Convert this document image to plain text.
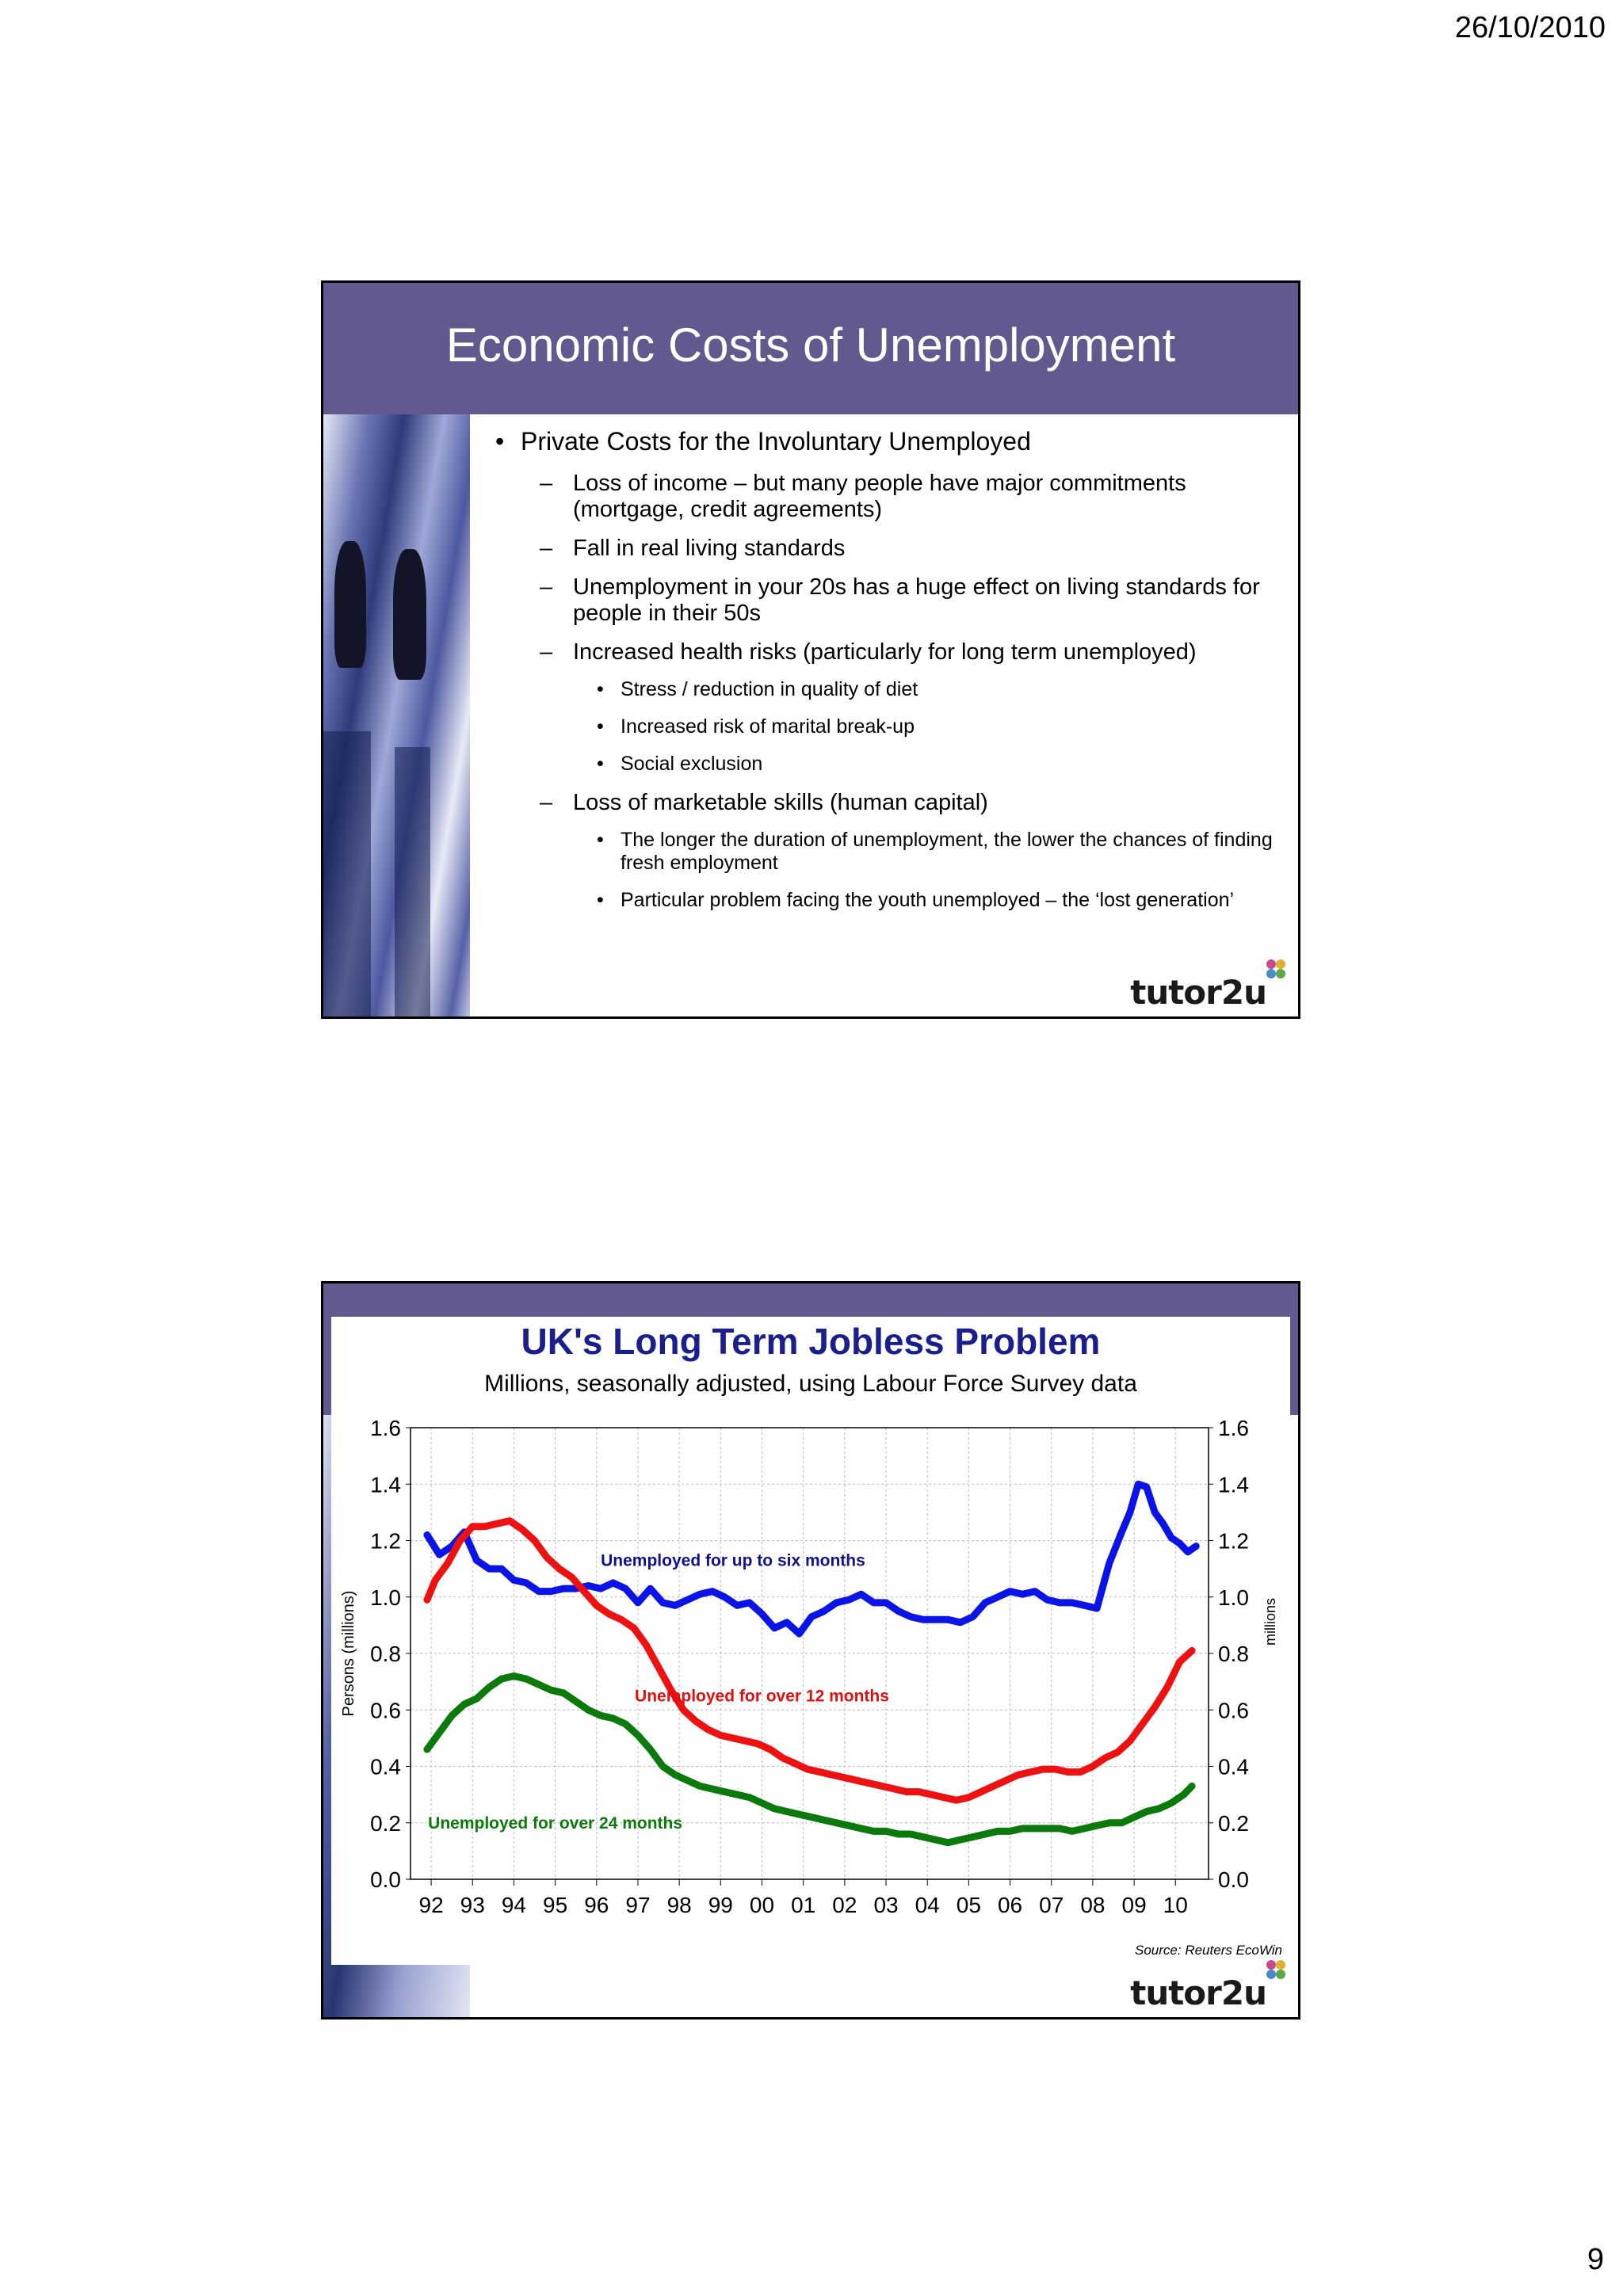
26/10/2010
Economic Costs of Unemployment
• Private Costs for the Involuntary Unemployed
– Loss of income – but many people have major commitments (mortgage, credit agreements)
– Fall in real living standards
– Unemployment in your 20s has a huge effect on living standards for people in their 50s
– Increased health risks (particularly for long term unemployed)
• Stress / reduction in quality of diet
• Increased risk of marital break-up
• Social exclusion
– Loss of marketable skills (human capital)
• The longer the duration of unemployment, the lower the chances of finding fresh employment
• Particular problem facing the youth unemployed – the ‘lost generation’
tutor2u
UK's Long Term Jobless Problem
Millions, seasonally adjusted, using Labour Force Survey data
0.0	0.0
0.2	0.2
0.4	0.4
0.6	0.6
0.8	0.8
1.0	1.0
1.2	1.2
1.4	1.4
1.6	1.6
92 93 94 95 96 97 98 99 00 01 02 03 04 05 06 07 08 09 10
Persons (millions)	millions
Unemployed for up to six months
Unemployed for over 12 months
Unemployed for over 24 months
Source: Reuters EcoWin
tutor2u
9
